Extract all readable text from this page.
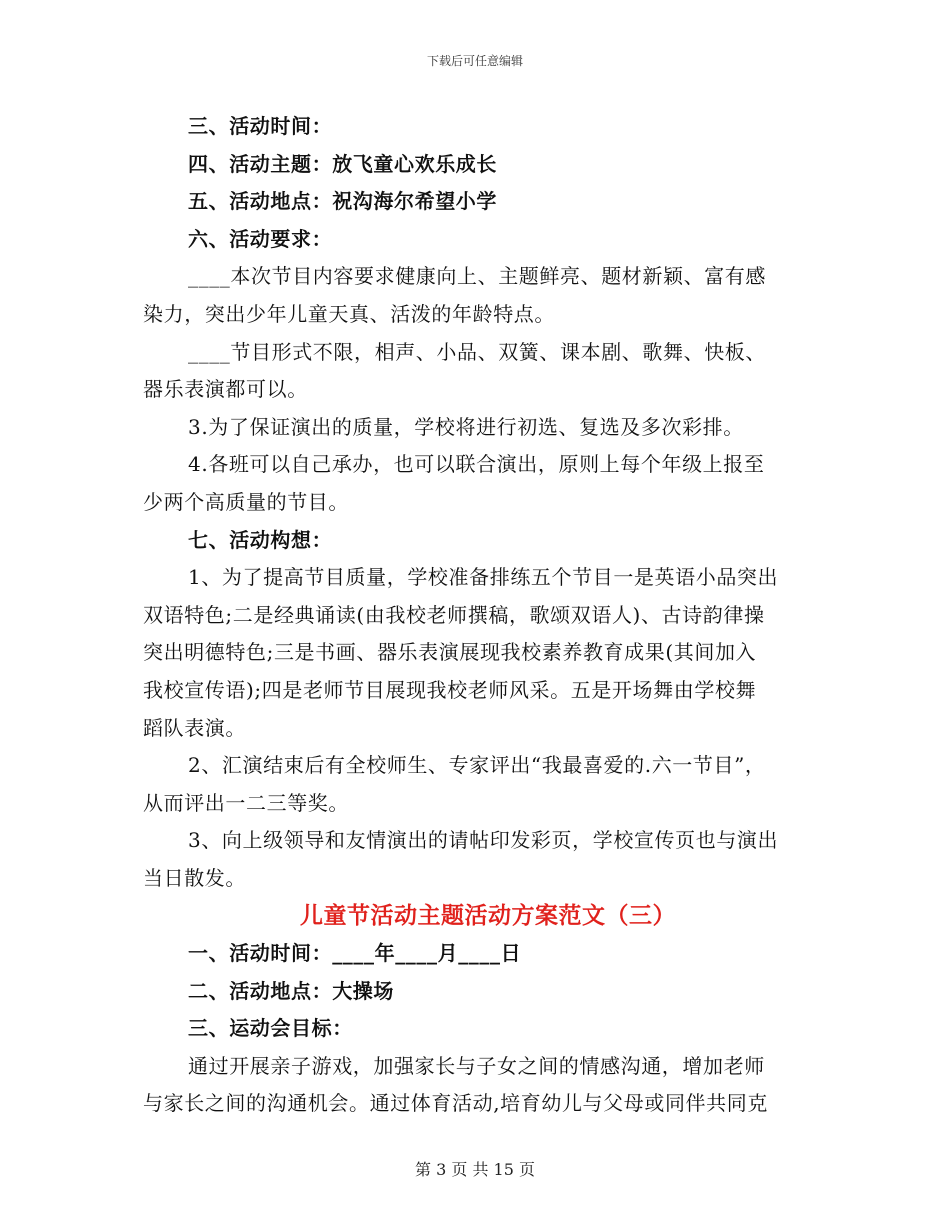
下载后可任意编辑
三、活动时间：
四、活动主题：放飞童心欢乐成长
五、活动地点：祝沟海尔希望小学
六、活动要求：
____本次节目内容要求健康向上、主题鲜亮、题材新颖、富有感
染力，突出少年儿童天真、活泼的年龄特点。
____节目形式不限，相声、小品、双簧、课本剧、歌舞、快板、
器乐表演都可以。
3.为了保证演出的质量，学校将进行初选、复选及多次彩排。
4.各班可以自己承办，也可以联合演出，原则上每个年级上报至
少两个高质量的节目。
七、活动构想：
1、为了提高节目质量，学校准备排练五个节目一是英语小品突出
双语特色;二是经典诵读(由我校老师撰稿，歌颂双语人)、古诗韵律操
突出明德特色;三是书画、器乐表演展现我校素养教育成果(其间加入
我校宣传语);四是老师节目展现我校老师风采。五是开场舞由学校舞
蹈队表演。
2、汇演结束后有全校师生、专家评出“我最喜爱的.六一节目”，
从而评出一二三等奖。
3、向上级领导和友情演出的请帖印发彩页，学校宣传页也与演出
当日散发。
儿童节活动主题活动方案范文（三）
一、活动时间：____年____月____日
二、活动地点：大操场
三、运动会目标：
通过开展亲子游戏，加强家长与子女之间的情感沟通，增加老师
与家长之间的沟通机会。通过体育活动,培育幼儿与父母或同伴共同克
第 3 页 共 15 页
